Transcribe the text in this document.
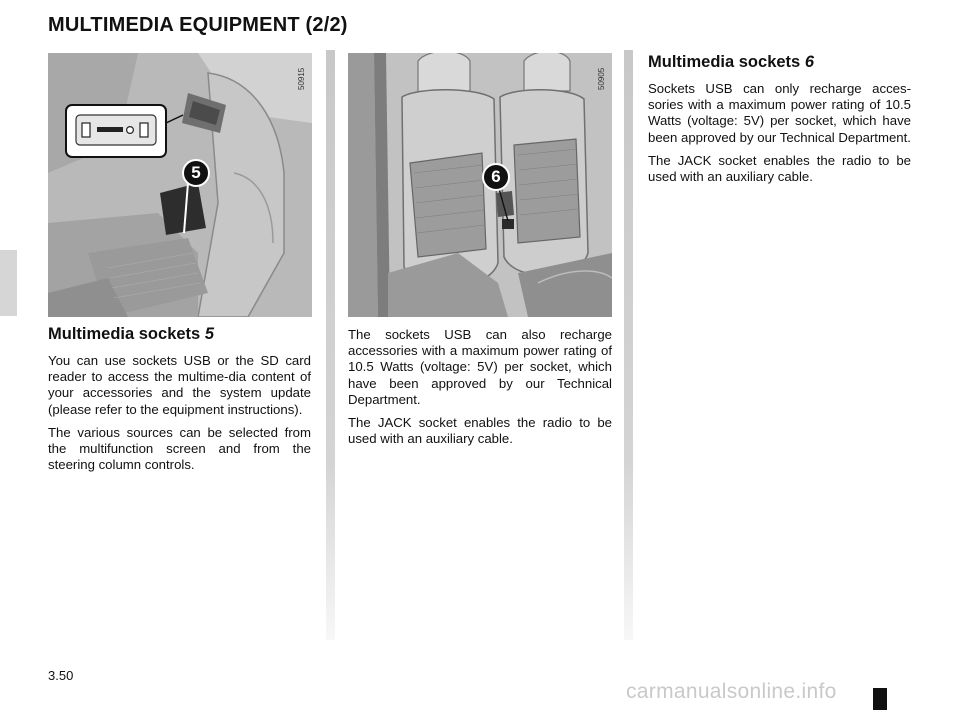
MULTIMEDIA EQUIPMENT (2/2)
5
50915
6
50905
Multimedia sockets 5

You can use sockets USB or the SD card reader to access the multime-dia content of your accessories and the system update (please refer to the equipment instructions).

The various sources can be selected from the multifunction screen and from the steering column controls.

The sockets USB can also recharge accessories with a maximum power rating of 10.5 Watts (voltage: 5V) per socket, which have been approved by our Technical Department.

The JACK socket enables the radio to be used with an auxiliary cable.

Multimedia sockets 6

Sockets USB can only recharge acces-sories with a maximum power rating of 10.5 Watts (voltage: 5V) per socket, which have been approved by our Technical Department.

The JACK socket enables the radio to be used with an auxiliary cable.

3.50
carmanualsonline.info
